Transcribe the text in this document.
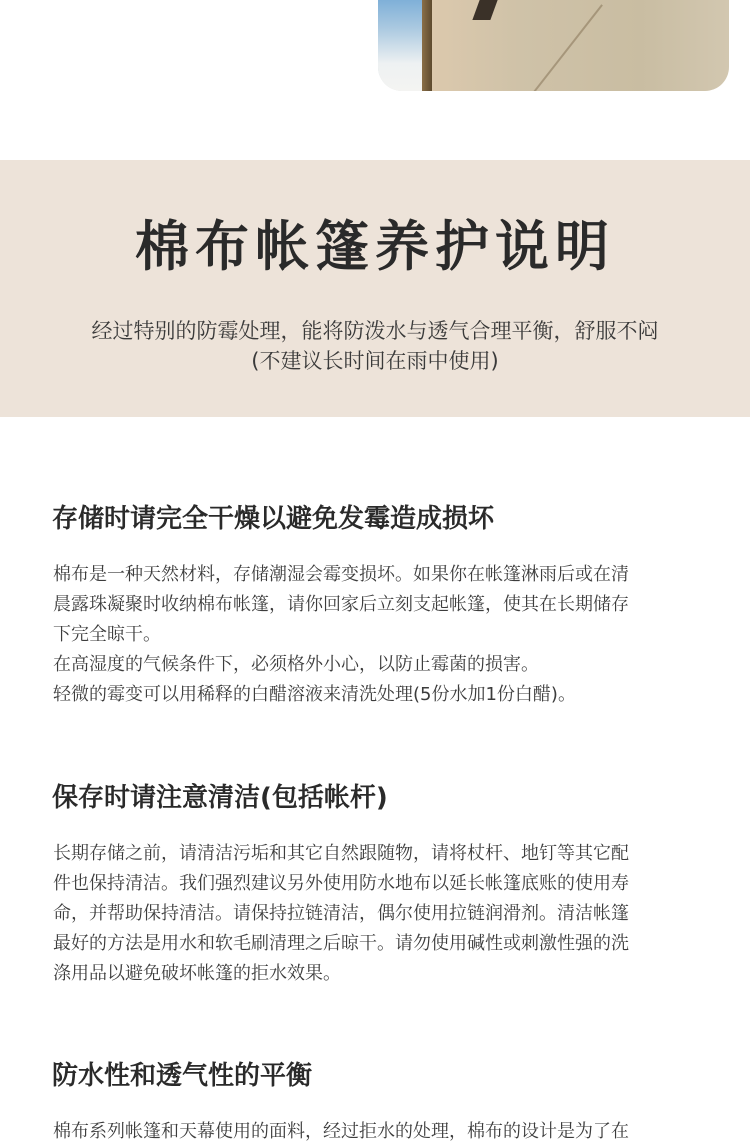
棉布帐篷养护说明
经过特别的防霉处理，能将防泼水与透气合理平衡，舒服不闷
(不建议长时间在雨中使用)
存储时请完全干燥以避免发霉造成损坏
棉布是一种天然材料，存储潮湿会霉变损坏。如果你在帐篷淋雨后或在清
晨露珠凝聚时收纳棉布帐篷，请你回家后立刻支起帐篷，使其在长期储存
下完全晾干。
在高湿度的气候条件下，必须格外小心，以防止霉菌的损害。
轻微的霉变可以用稀释的白醋溶液来清洗处理(5份水加1份白醋)。
保存时请注意清洁(包括帐杆)
长期存储之前，请清洁污垢和其它自然跟随物，请将杖杆、地钉等其它配
件也保持清洁。我们强烈建议另外使用防水地布以延长帐篷底账的使用寿
命，并帮助保持清洁。请保持拉链清洁，偶尔使用拉链润滑剂。清洁帐篷
最好的方法是用水和软毛刷清理之后晾干。请勿使用碱性或刺激性强的洗
涤用品以避免破坏帐篷的拒水效果。
防水性和透气性的平衡
棉布系列帐篷和天幕使用的面料，经过拒水的处理，棉布的设计是为了在
